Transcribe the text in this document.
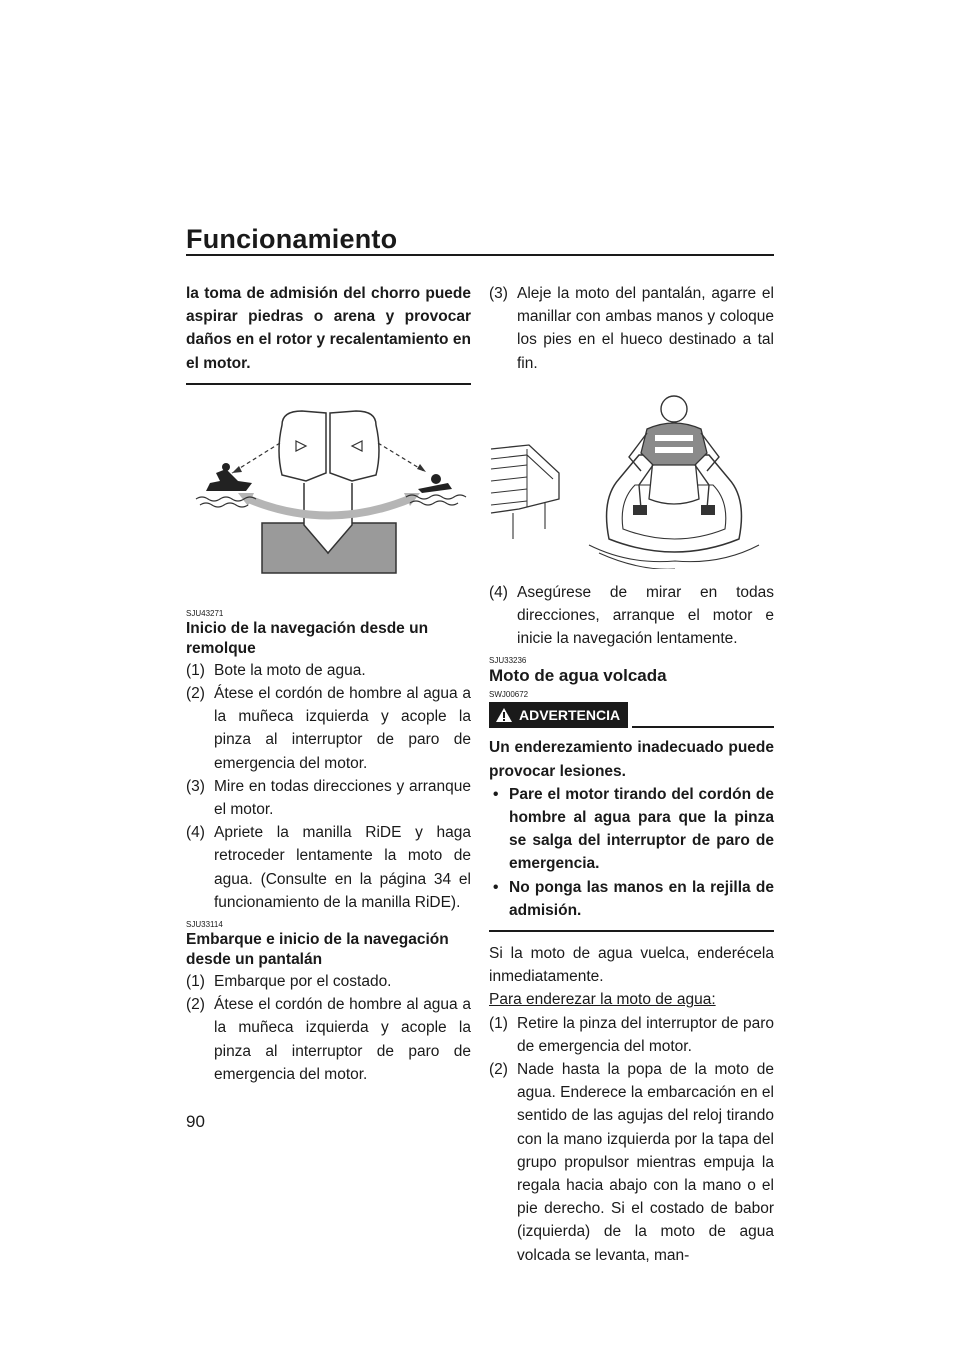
Funcionamiento
la toma de admisión del chorro puede aspirar piedras o arena y provocar daños en el rotor y recalentamiento en el motor.
SJU43271
Inicio de la navegación desde un remolque
(1) Bote la moto de agua.
(2) Átese el cordón de hombre al agua a la muñeca izquierda y acople la pinza al interruptor de paro de emergencia del motor.
(3) Mire en todas direcciones y arranque el motor.
(4) Apriete la manilla RiDE y haga retroceder lentamente la moto de agua. (Consulte en la página 34 el funcionamiento de la manilla RiDE).
SJU33114
Embarque e inicio de la navegación desde un pantalán
(1) Embarque por el costado.
(2) Átese el cordón de hombre al agua a la muñeca izquierda y acople la pinza al interruptor de paro de emergencia del motor.
(3) Aleje la moto del pantalán, agarre el manillar con ambas manos y coloque los pies en el hueco destinado a tal fin.
(4) Asegúrese de mirar en todas direcciones, arranque el motor e inicie la navegación lentamente.
SJU33236
Moto de agua volcada
SWJ00672
ADVERTENCIA
Un enderezamiento inadecuado puede provocar lesiones.
• Pare el motor tirando del cordón de hombre al agua para que la pinza se salga del interruptor de paro de emergencia.
• No ponga las manos en la rejilla de admisión.
Si la moto de agua vuelca, enderécela inmediatamente.
Para enderezar la moto de agua:
(1) Retire la pinza del interruptor de paro de emergencia del motor.
(2) Nade hasta la popa de la moto de agua. Enderece la embarcación en el sentido de las agujas del reloj tirando con la mano izquierda por la tapa del grupo propulsor mientras empuja la regala hacia abajo con la mano o el pie derecho. Si el costado de babor (izquierda) de la moto de agua volcada se levanta, man-
90
